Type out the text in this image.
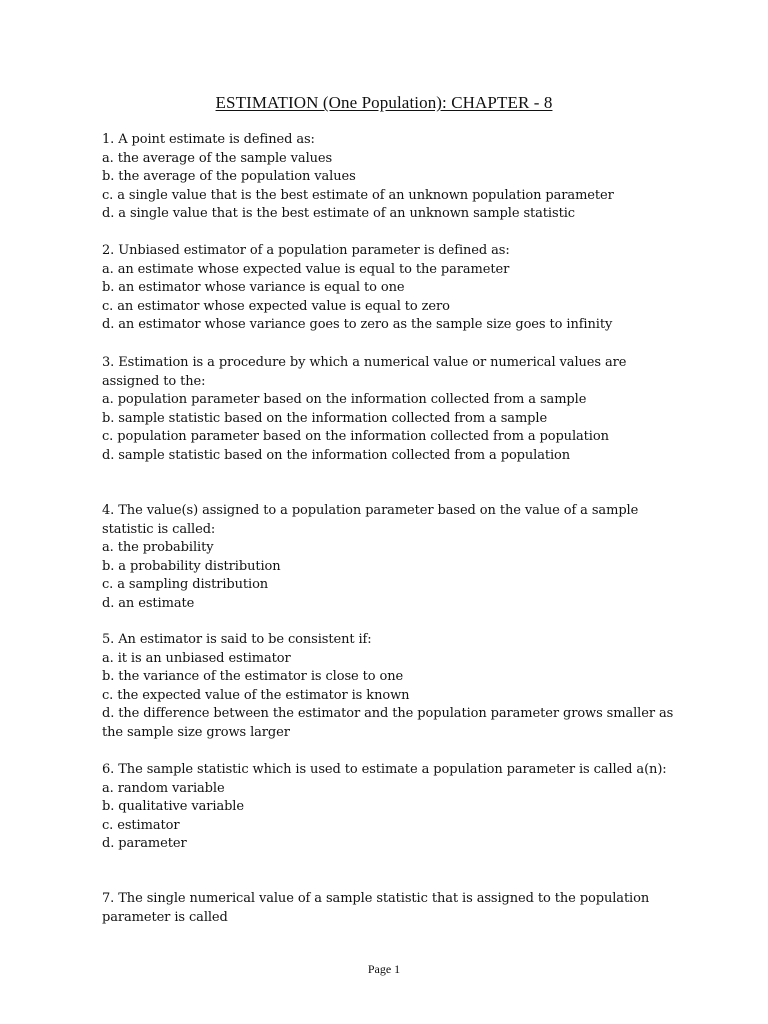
ESTIMATION (One Population): CHAPTER - 8
1. A point estimate is defined as:
a. the average of the sample values
b. the average of the population values
c. a single value that is the best estimate of an unknown population parameter
d. a single value that is the best estimate of an unknown sample statistic
2. Unbiased estimator of a population parameter is defined as:
a. an estimate whose expected value is equal to the parameter
b. an estimator whose variance is equal to one
c. an estimator whose expected value is equal to zero
d. an estimator whose variance goes to zero as the sample size goes to infinity
3. Estimation is a procedure by which a numerical value or numerical values are assigned to the:
a. population parameter based on the information collected from a sample
b. sample statistic based on the information collected from a sample
c. population parameter based on the information collected from a population
d. sample statistic based on the information collected from a population
4. The value(s) assigned to a population parameter based on the value of a sample statistic is called:
a. the probability
b. a probability distribution
c. a sampling distribution
d. an estimate
5. An estimator is said to be consistent if:
a. it is an unbiased estimator
b. the variance of the estimator is close to one
c. the expected value of the estimator is known
d. the difference between the estimator and the population parameter grows smaller as the sample size grows larger
6. The sample statistic which is used to estimate a population parameter is called a(n):
a. random variable
b. qualitative variable
c. estimator
d. parameter
7. The single numerical value of a sample statistic that is assigned to the population parameter is called
Page 1
